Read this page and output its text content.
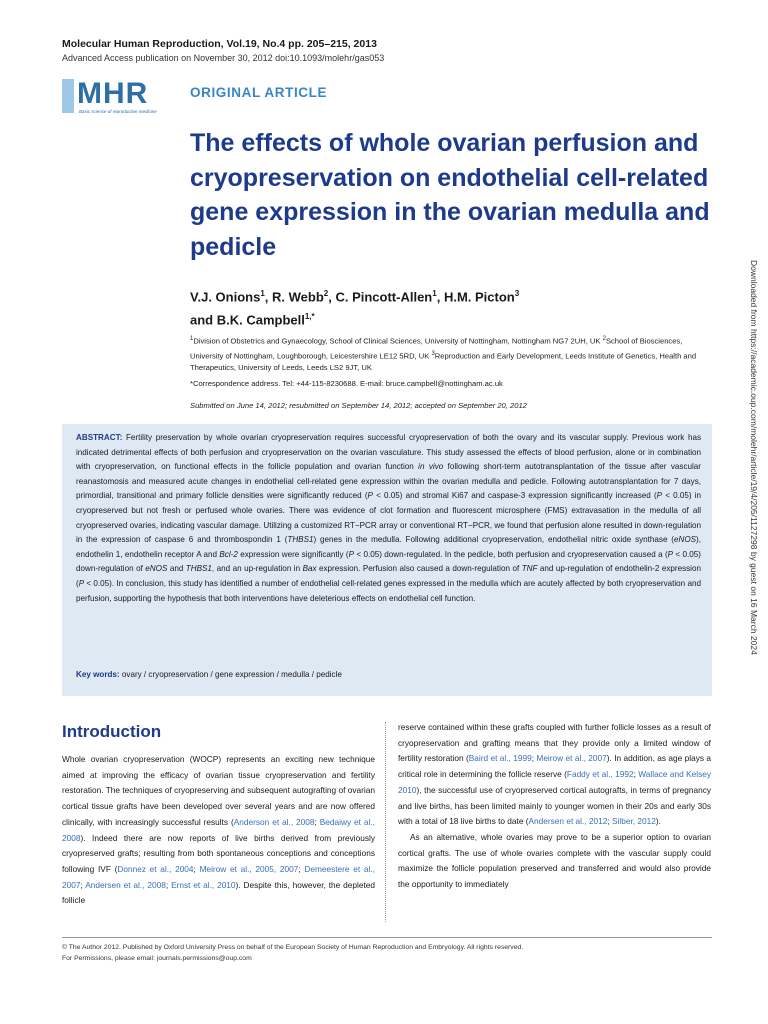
Molecular Human Reproduction, Vol.19, No.4 pp. 205–215, 2013
Advanced Access publication on November 30, 2012 doi:10.1093/molehr/gas053
MHR
Basic science of reproductive medicine
ORIGINAL ARTICLE
The effects of whole ovarian perfusion and cryopreservation on endothelial cell-related gene expression in the ovarian medulla and pedicle
V.J. Onions$^1$, R. Webb$^2$, C. Pincott-Allen$^1$, H.M. Picton$^3$
and B.K. Campbell$^{1,*}$
$^1$Division of Obstetrics and Gynaecology, School of Clinical Sciences, University of Nottingham, Nottingham NG7 2UH, UK $^2$School of Biosciences, University of Nottingham, Loughborough, Leicestershire LE12 5RD, UK $^3$Reproduction and Early Development, Leeds Institute of Genetics, Health and Therapeutics, University of Leeds, Leeds LS2 9JT, UK
*Correspondence address. Tel: +44-115-8230688. E-mail: bruce.campbell@nottingham.ac.uk
Submitted on June 14, 2012; resubmitted on September 14, 2012; accepted on September 20, 2012
ABSTRACT: Fertility preservation by whole ovarian cryopreservation requires successful cryopreservation of both the ovary and its vascular supply. Previous work has indicated detrimental effects of both perfusion and cryopreservation on the ovarian vasculature. This study assessed the effects of blood perfusion, alone or in combination with cryopreservation, on functional effects in the follicle population and ovarian function in vivo following short-term autotransplantation of the tissue after vascular reanastomosis and measured acute changes in endothelial cell-related gene expression within the ovarian medulla and pedicle. Following autotransplantation for 7 days, primordial, transitional and primary follicle densities were significantly reduced (P < 0.05) and stromal Ki67 and caspase-3 expression significantly increased (P < 0.05) in cryopreserved but not fresh or perfused whole ovaries. There was evidence of clot formation and fluorescent microsphere (FMS) extravasation in the medulla of all cryopreserved ovaries, indicating vascular damage. Utilizing a customized RT−PCR array or conventional RT−PCR, we found that perfusion alone resulted in down-regulation in the expression of caspase 6 and thrombospondin 1 (THBS1) genes in the medulla. Following additional cryopreservation, endothelial nitric oxide synthase (eNOS), endothelin 1, endothelin receptor A and Bcl-2 expression were significantly (P < 0.05) down-regulated. In the pedicle, both perfusion and cryopreservation caused a (P < 0.05) down-regulation of eNOS and THBS1, and an up-regulation in Bax expression. Perfusion also caused a down-regulation of TNF and up-regulation of endothelin-2 expression (P < 0.05). In conclusion, this study has identified a number of endothelial cell-related genes expressed in the medulla which are acutely affected by both cryopreservation and perfusion, supporting the hypothesis that both interventions have deleterious effects on endothelial cell function.
Key words: ovary / cryopreservation / gene expression / medulla / pedicle
Introduction

Whole ovarian cryopreservation (WOCP) represents an exciting new technique aimed at improving the efficacy of ovarian tissue cryopreservation and fertility restoration. The techniques of cryopreserving and subsequent autografting of ovarian cortical tissue grafts have been developed over several years and are now offered clinically, with increasingly successful results (Anderson et al., 2008; Bedaiwy et al., 2008). Indeed there are now reports of live births derived from previously cryopreserved grafts; resulting from both spontaneous conceptions and conceptions following IVF (Donnez et al., 2004; Meirow et al., 2005, 2007; Demeestere et al., 2007; Andersen et al., 2008; Ernst et al., 2010). Despite this, however, the depleted follicle

reserve contained within these grafts coupled with further follicle losses as a result of cryopreservation and grafting means that they provide only a limited window of fertility restoration (Baird et al., 1999; Meirow et al., 2007). In addition, as age plays a critical role in determining the follicle reserve (Faddy et al., 1992; Wallace and Kelsey 2010), the successful use of cryopreserved cortical autografts, in terms of pregnancy and live births, has been limited mainly to younger women in their 20s and early 30s with a total of 18 live births to date (Andersen et al., 2012; Silber, 2012).

As an alternative, whole ovaries may prove to be a superior option to ovarian cortical grafts. The use of whole ovaries complete with the vascular supply could maximize the follicle population preserved and transferred and would also provide the opportunity to immediately

© The Author 2012. Published by Oxford University Press on behalf of the European Society of Human Reproduction and Embryology. All rights reserved.
For Permissions, please email: journals.permissions@oup.com
Downloaded from https://academic.oup.com/molehr/article/19/4/205/1127298 by guest on 16 March 2024
